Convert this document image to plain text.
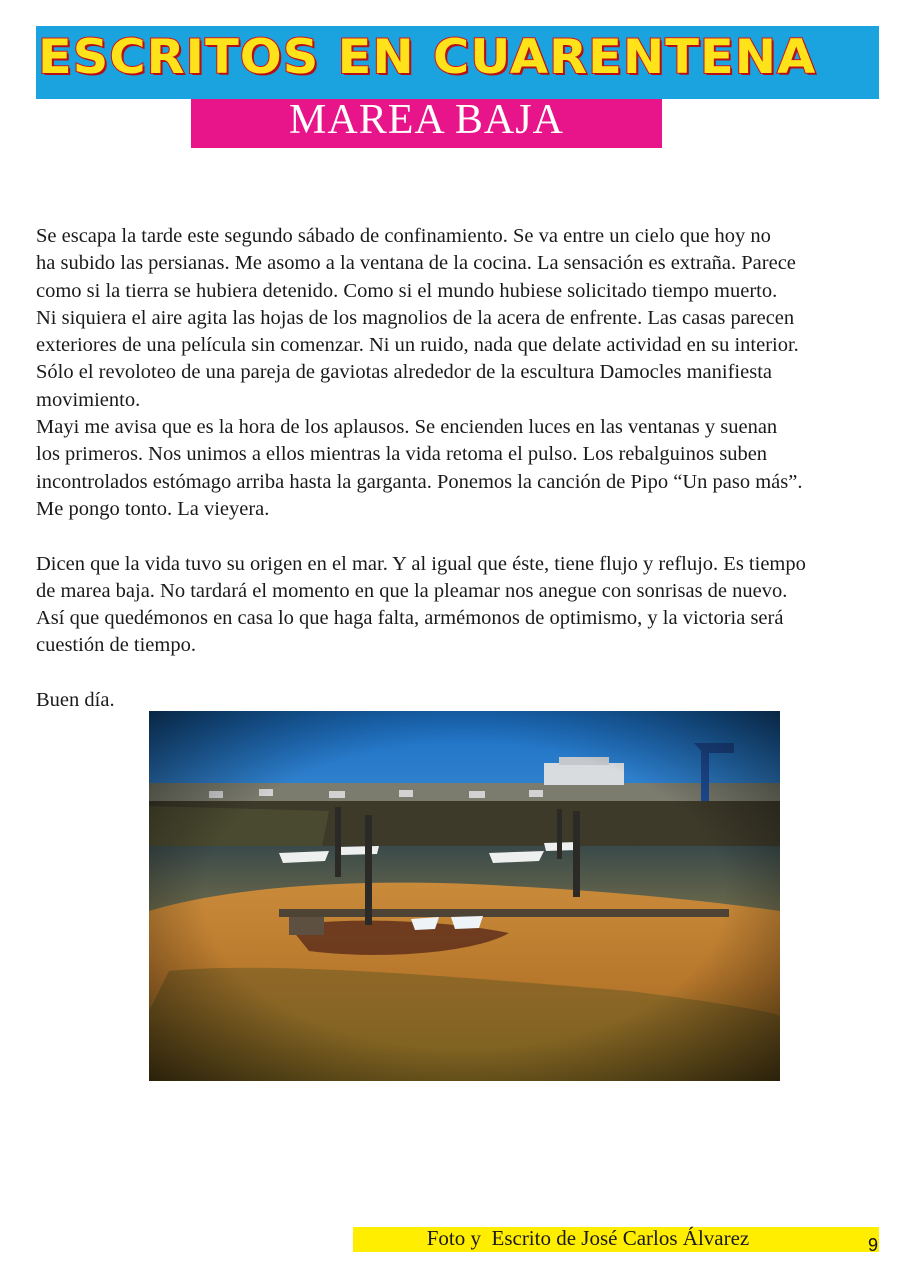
ESCRITOS EN CUARENTENA
MAREA BAJA

Se escapa la tarde este segundo sábado de confinamiento. Se va entre un cielo que hoy no
ha subido las persianas. Me asomo a la ventana de la cocina. La sensación es extraña. Parece
como si la tierra se hubiera detenido. Como si el mundo hubiese solicitado tiempo muerto.
Ni siquiera el aire agita las hojas de los magnolios de la acera de enfrente. Las casas parecen
exteriores de una película sin comenzar. Ni un ruido, nada que delate actividad en su interior.
Sólo el revoloteo de una pareja de gaviotas alrededor de la escultura Damocles manifiesta
movimiento.

Mayi me avisa que es la hora de los aplausos. Se encienden luces en las ventanas y suenan
los primeros. Nos unimos a ellos mientras la vida retoma el pulso. Los rebalguinos suben
incontrolados estómago arriba hasta la garganta. Ponemos la canción de Pipo “Un paso más”.
Me pongo tonto. La vieyera.

Dicen que la vida tuvo su origen en el mar. Y al igual que éste, tiene flujo y reflujo. Es tiempo
de marea baja. No tardará el momento en que la pleamar nos anegue con sonrisas de nuevo.
Así que quedémonos en casa lo que haga falta, armémonos de optimismo, y la victoria será
cuestión de tiempo.

Buen día.

Foto y  Escrito de José Carlos Álvarez	9
